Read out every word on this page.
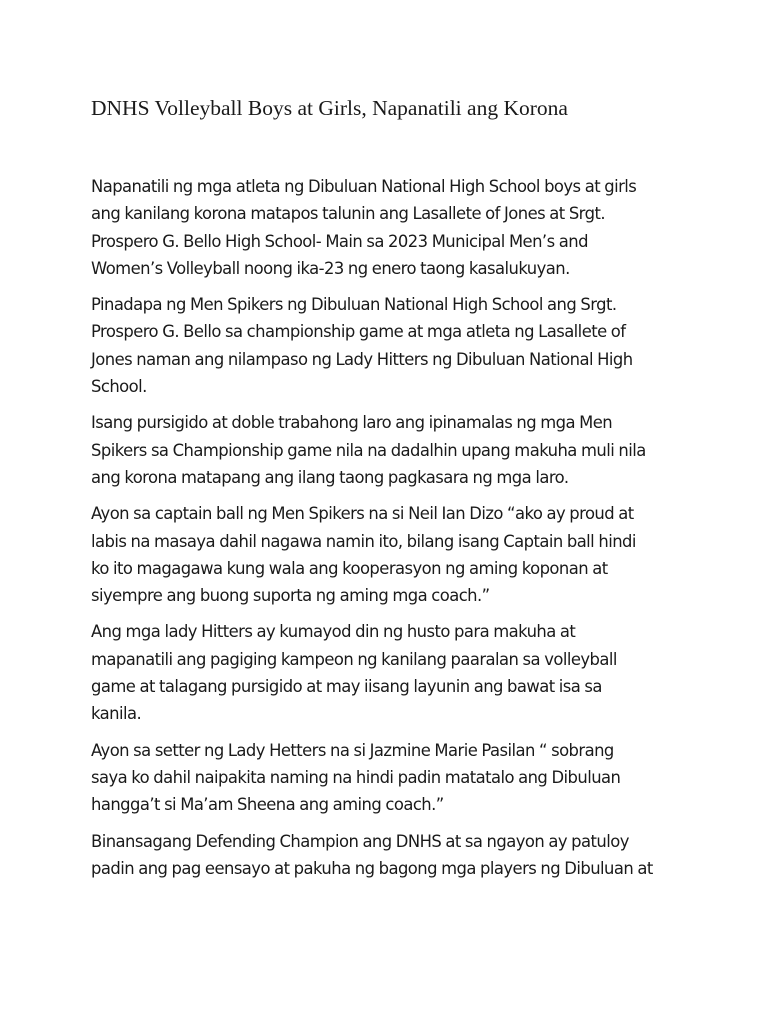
DNHS Volleyball Boys at Girls, Napanatili ang Korona

Napanatili ng mga atleta ng Dibuluan National High School boys at girls
ang kanilang korona matapos talunin ang Lasallete of Jones at Srgt.
Prospero G. Bello High School- Main sa 2023 Municipal Men’s and
Women’s Volleyball noong ika-23 ng enero taong kasalukuyan.

Pinadapa ng Men Spikers ng Dibuluan National High School ang Srgt.
Prospero G. Bello sa championship game at mga atleta ng Lasallete of
Jones naman ang nilampaso ng Lady Hitters ng Dibuluan National High
School.

Isang pursigido at doble trabahong laro ang ipinamalas ng mga Men
Spikers sa Championship game nila na dadalhin upang makuha muli nila
ang korona matapang ang ilang taong pagkasara ng mga laro.

Ayon sa captain ball ng Men Spikers na si Neil Ian Dizo “ako ay proud at
labis na masaya dahil nagawa namin ito, bilang isang Captain ball hindi
ko ito magagawa kung wala ang kooperasyon ng aming koponan at
siyempre ang buong suporta ng aming mga coach.”

Ang mga lady Hitters ay kumayod din ng husto para makuha at
mapanatili ang pagiging kampeon ng kanilang paaralan sa volleyball
game at talagang pursigido at may iisang layunin ang bawat isa sa
kanila.

Ayon sa setter ng Lady Hetters na si Jazmine Marie Pasilan “ sobrang
saya ko dahil naipakita naming na hindi padin matatalo ang Dibuluan
hangga’t si Ma’am Sheena ang aming coach.”

Binansagang Defending Champion ang DNHS at sa ngayon ay patuloy
padin ang pag eensayo at pakuha ng bagong mga players ng Dibuluan at
